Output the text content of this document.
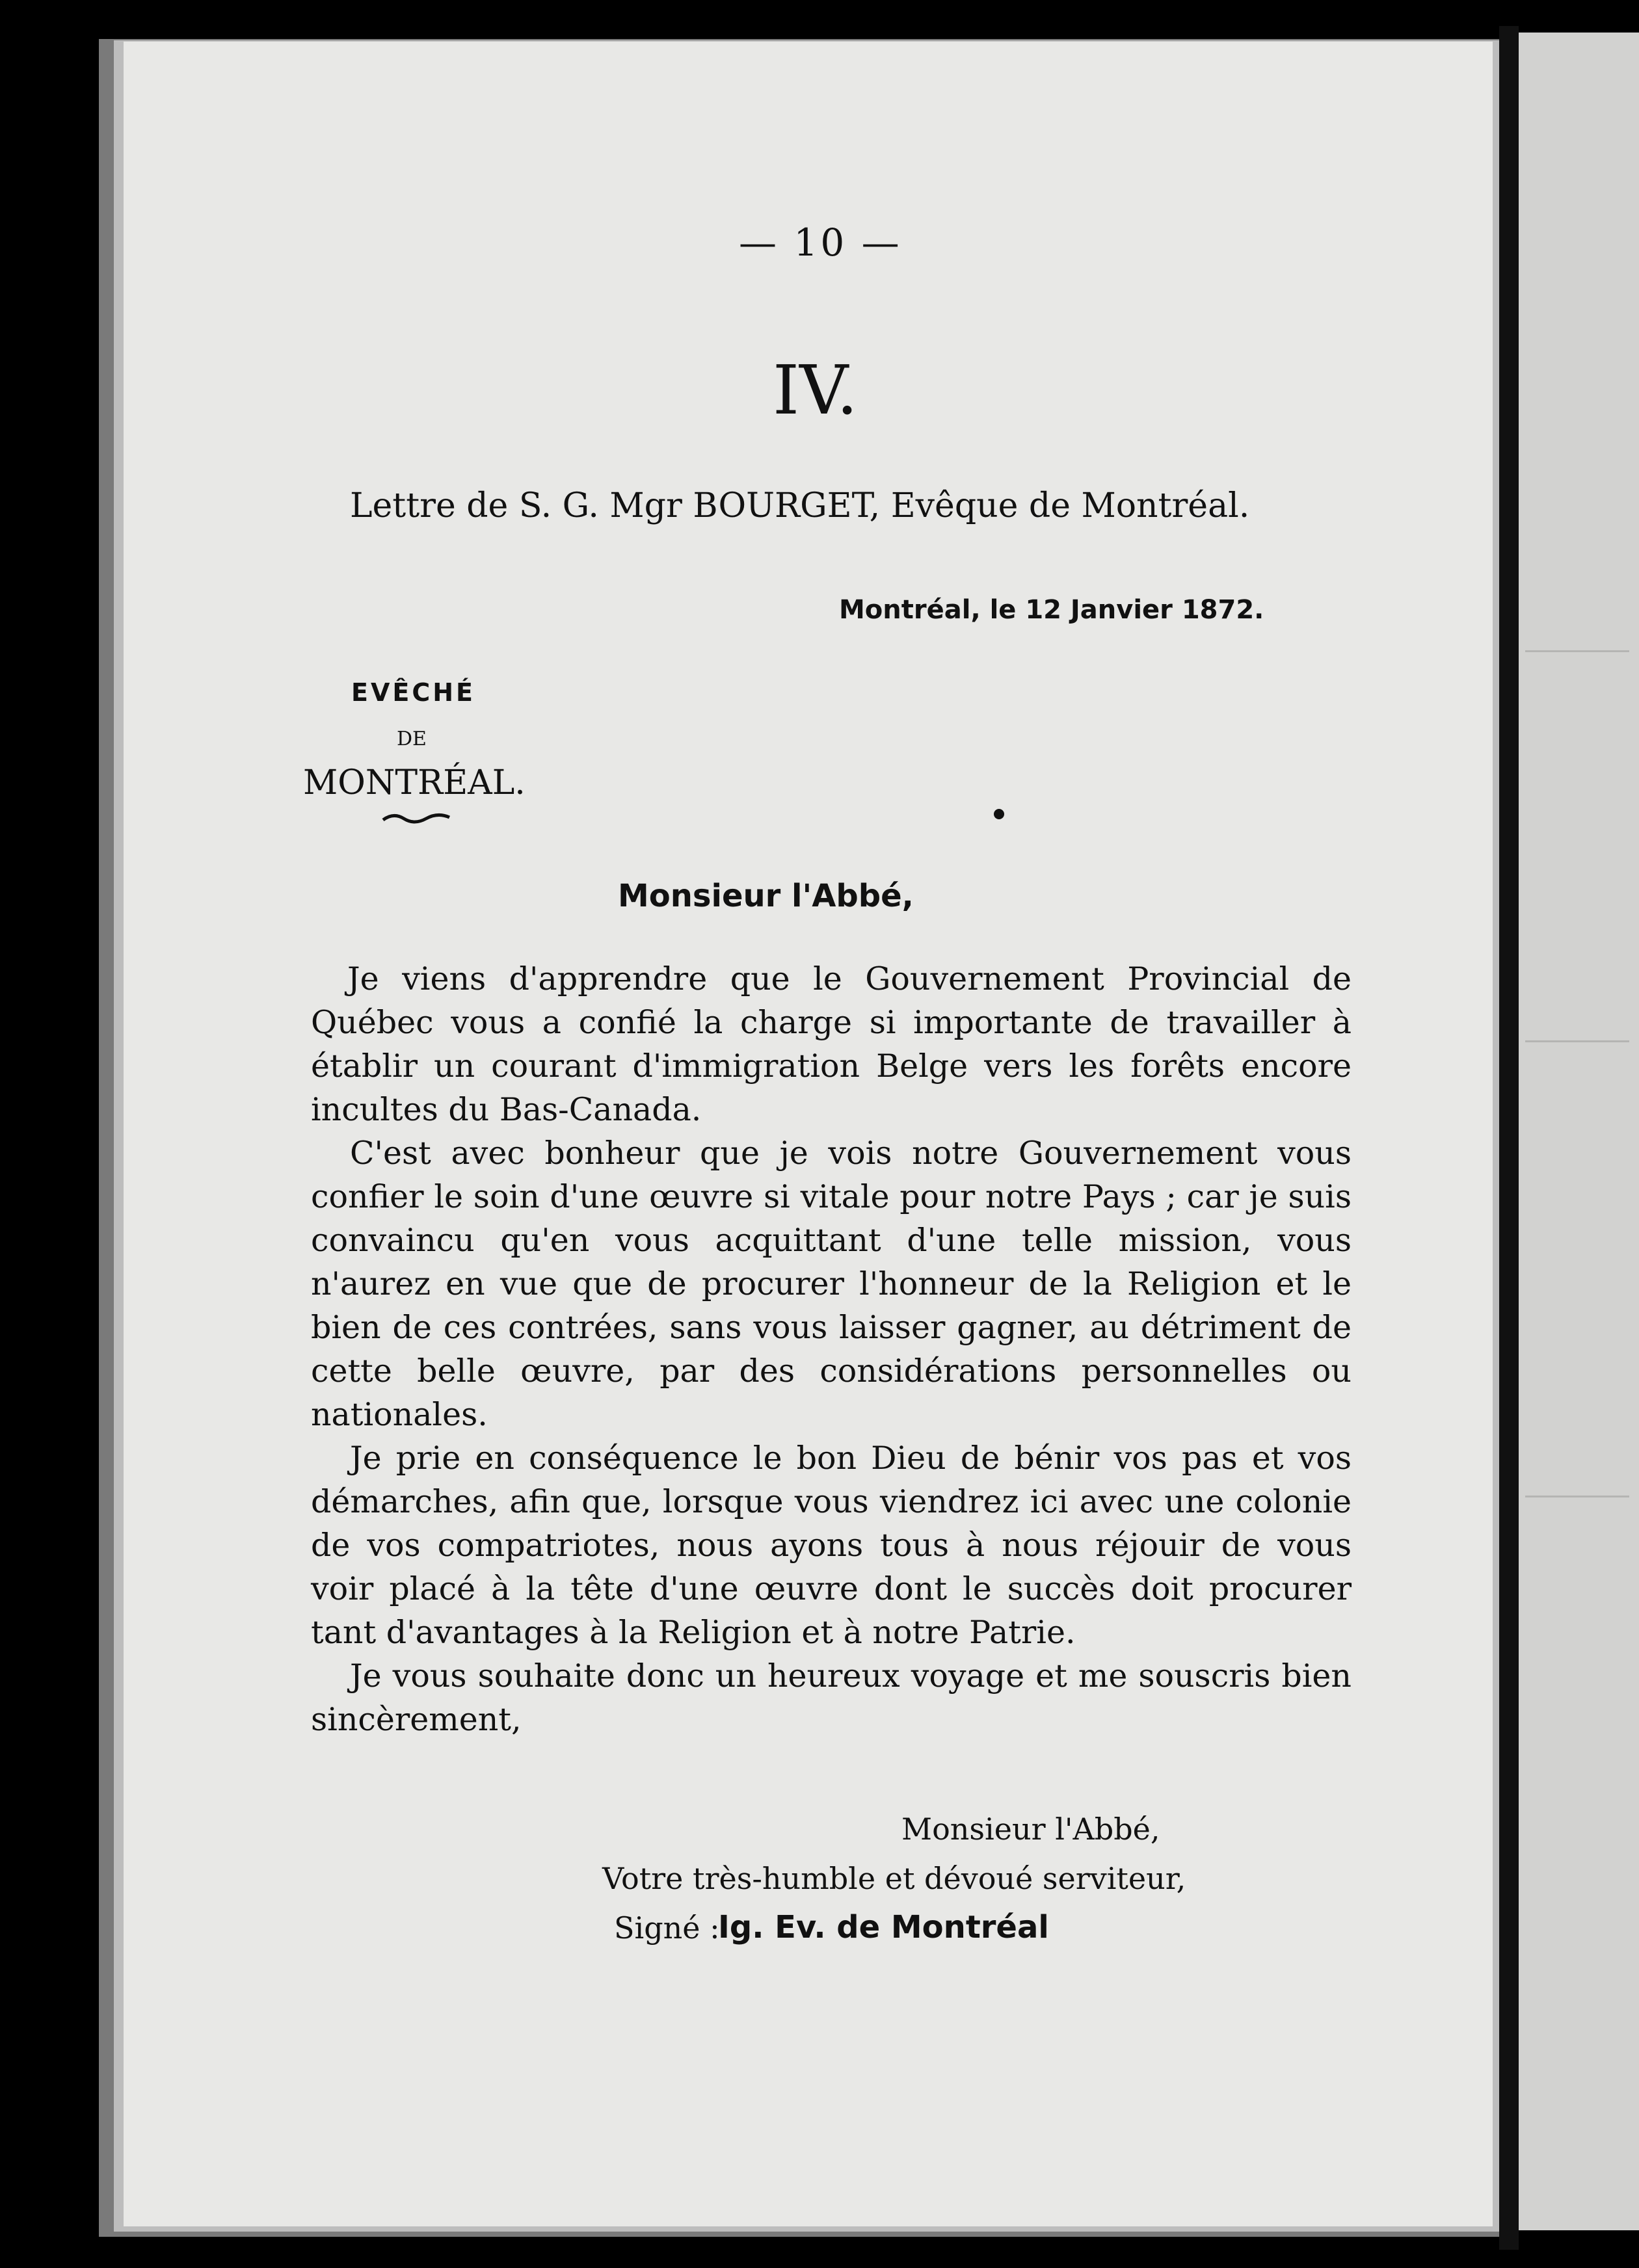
— 10 —

IV.

Lettre de S. G. Mgr BOURGET, Evêque de Montréal.

Montréal, le 12 Janvier 1872.

EVÊCHÉ

DE

MONTRÉAL.

Monsieur l'Abbé,

Je viens d'apprendre que le Gouvernement Provincial de Québec vous a confié la charge si importante de travailler à établir un courant d'immigration Belge vers les forêts encore incultes du Bas-Canada.

C'est avec bonheur que je vois notre Gouvernement vous confier le soin d'une œuvre si vitale pour notre Pays ; car je suis convaincu qu'en vous acquittant d'une telle mission, vous n'aurez en vue que de procurer l'honneur de la Religion et le bien de ces contrées, sans vous laisser gagner, au détriment de cette belle œuvre, par des considérations personnelles ou nationales.

Je prie en conséquence le bon Dieu de bénir vos pas et vos démarches, afin que, lorsque vous viendrez ici avec une colonie de vos compatriotes, nous ayons tous à nous réjouir de vous voir placé à la tête d'une œuvre dont le succès doit procurer tant d'avantages à la Religion et à notre Patrie.

Je vous souhaite donc un heureux voyage et me souscris bien sincèrement,

Monsieur l'Abbé,

Votre très-humble et dévoué serviteur,

Signé :

Ig. Ev. de Montréal
